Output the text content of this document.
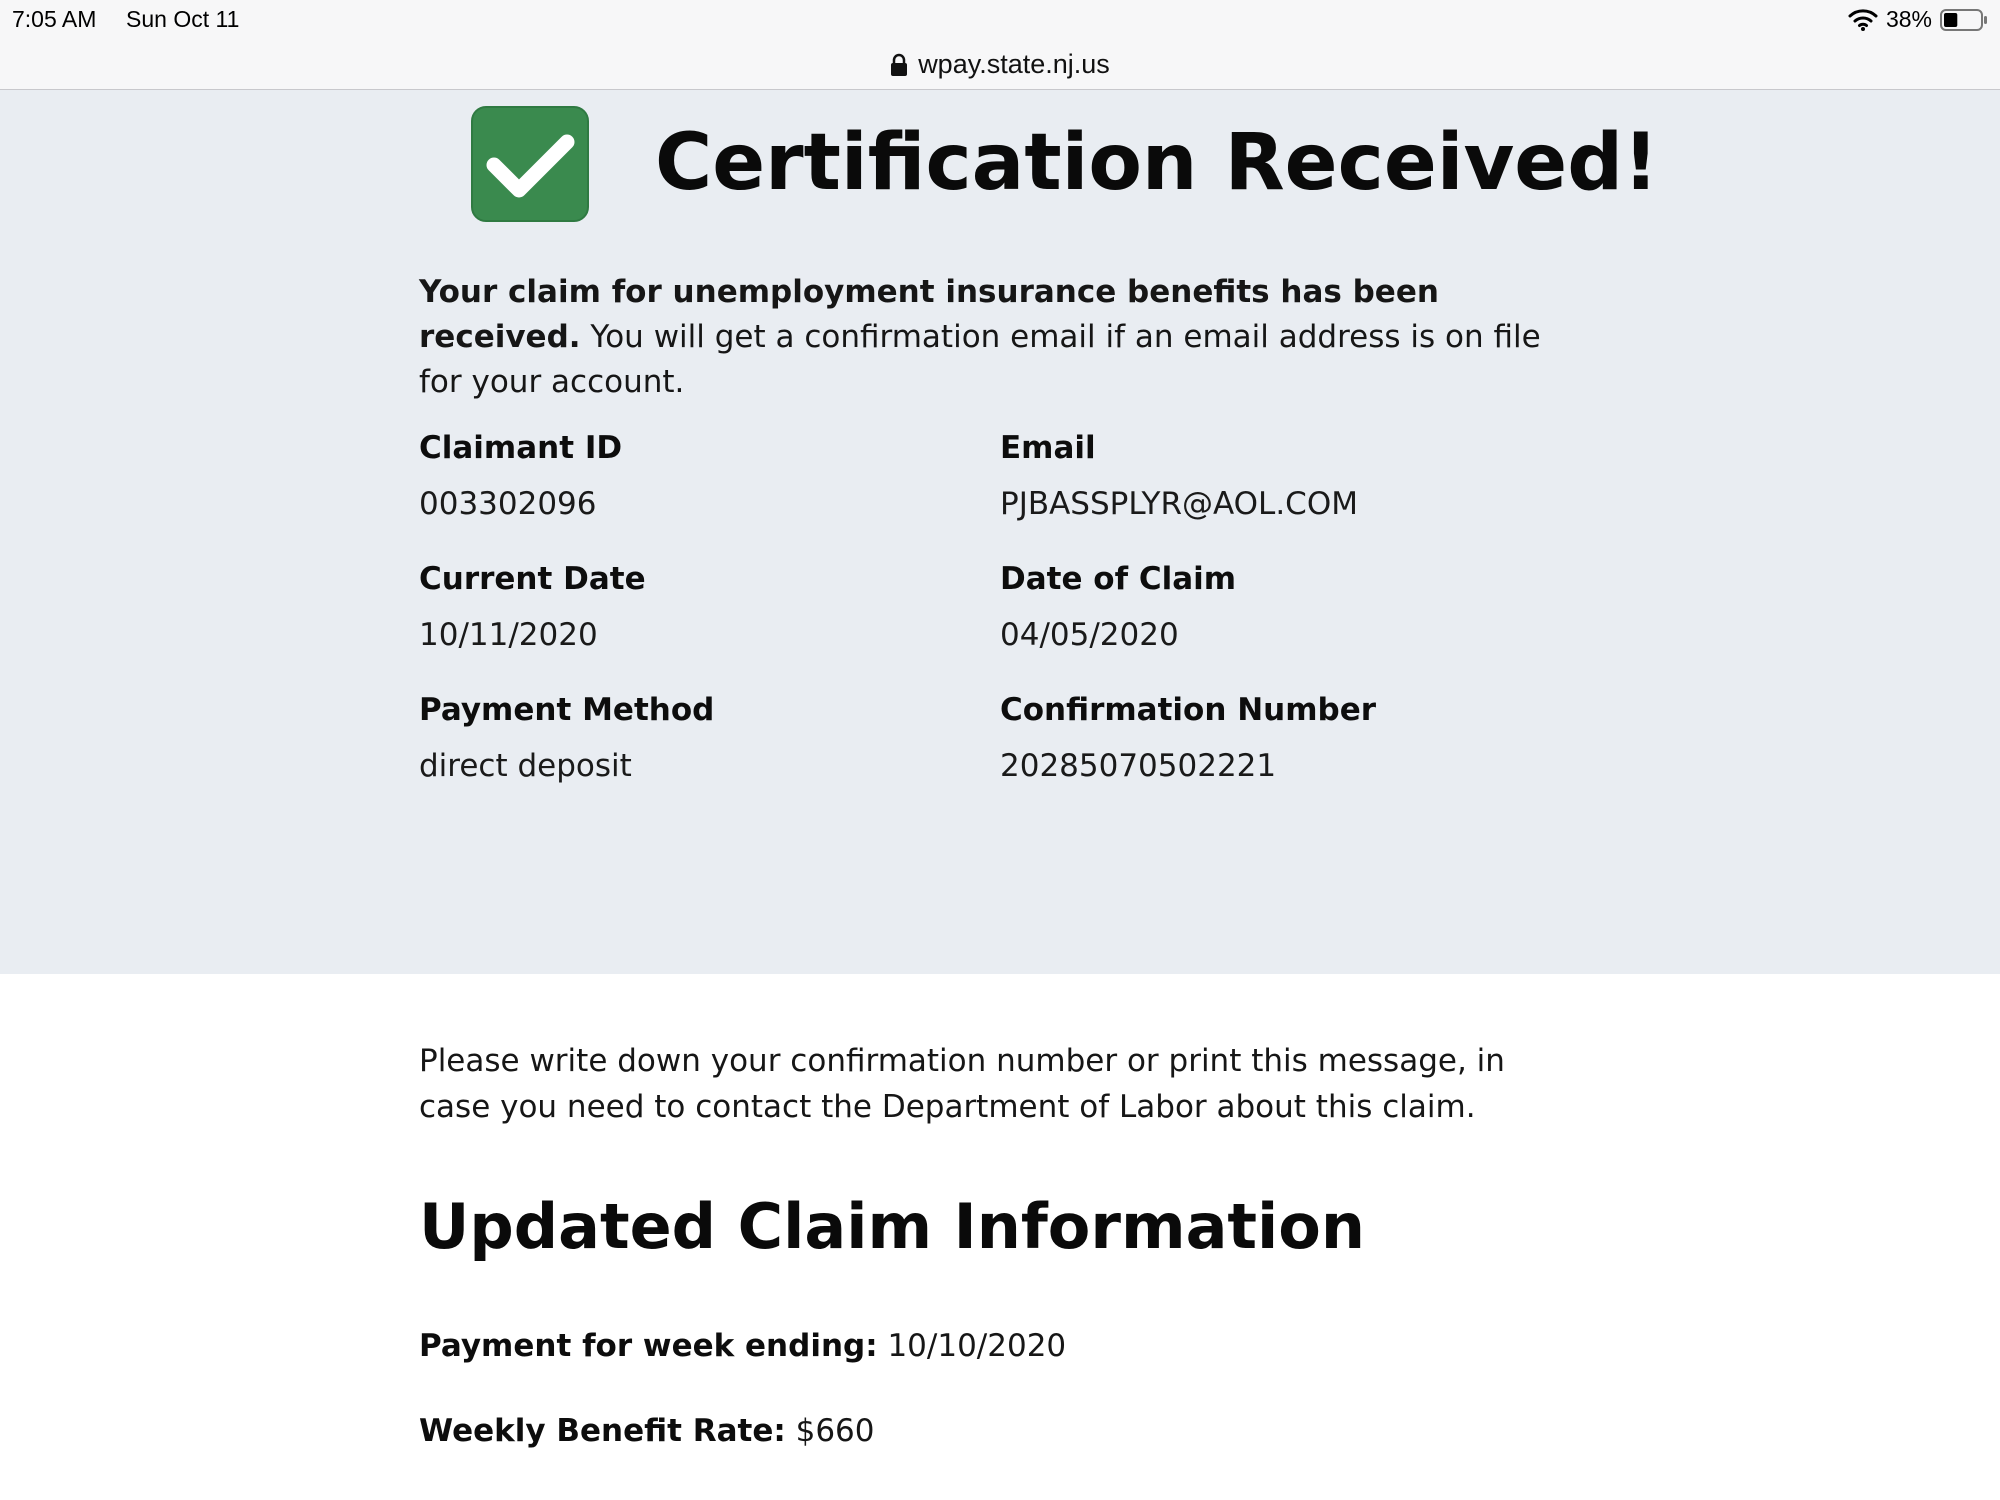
7:05 AM Sun Oct 11	38%
wpay.state.nj.us
Certification Received!

Your claim for unemployment insurance benefits has been received. You will get a confirmation email if an email address is on file for your account.

Claimant ID
003302096
Email
PJBASSPLYR@AOL.COM
Current Date
10/11/2020
Date of Claim
04/05/2020
Payment Method
direct deposit
Confirmation Number
20285070502221

Please write down your confirmation number or print this message, in case you need to contact the Department of Labor about this claim.

Updated Claim Information
Payment for week ending: 10/10/2020
Weekly Benefit Rate: $660
